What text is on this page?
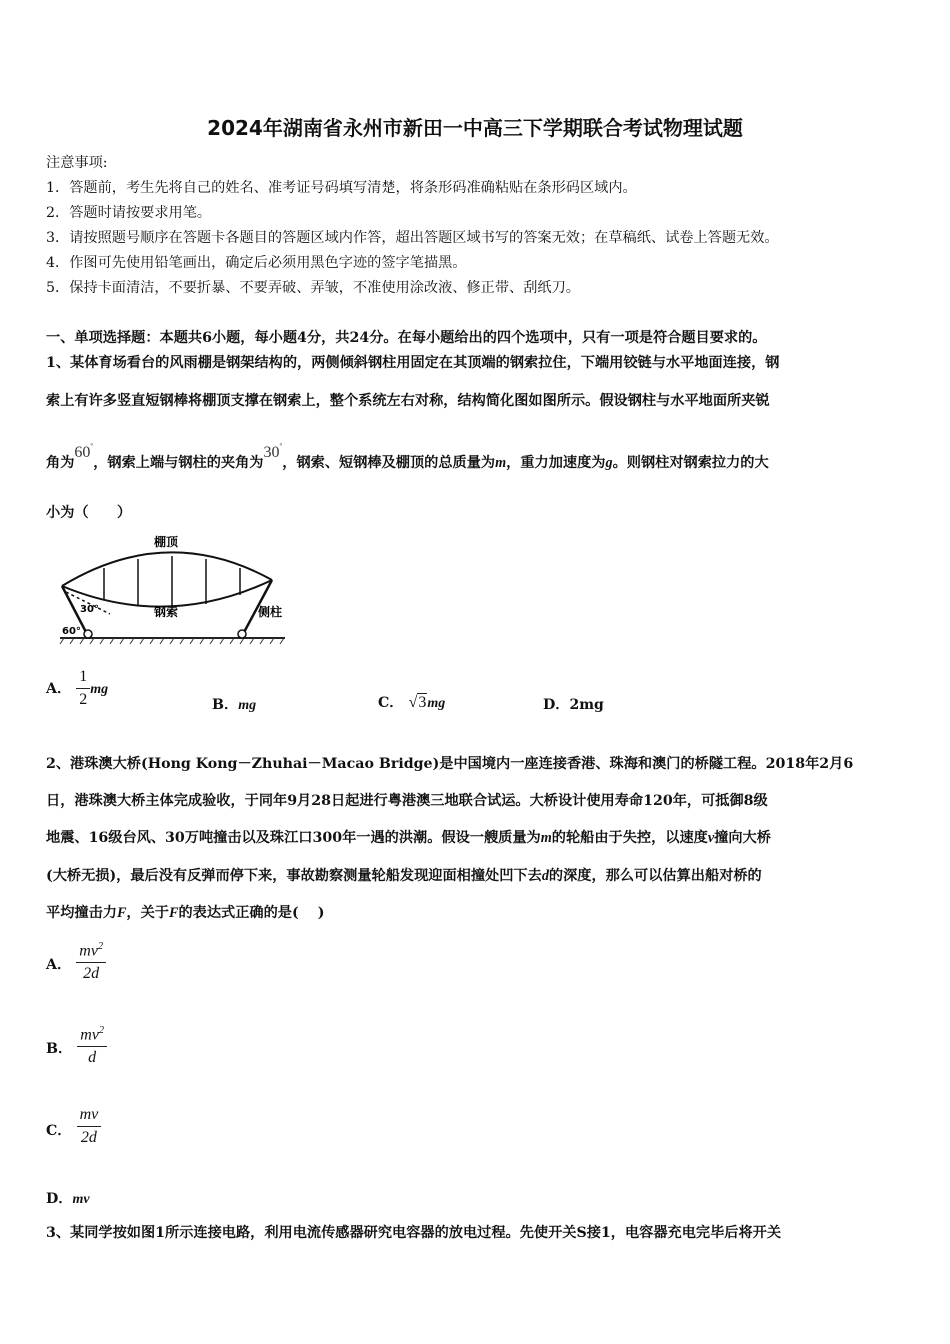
2024年湖南省永州市新田一中高三下学期联合考试物理试题
注意事项:
1．答题前，考生先将自己的姓名、准考证号码填写清楚，将条形码准确粘贴在条形码区域内。
2．答题时请按要求用笔。
3．请按照题号顺序在答题卡各题目的答题区域内作答，超出答题区域书写的答案无效；在草稿纸、试卷上答题无效。
4．作图可先使用铅笔画出，确定后必须用黑色字迹的签字笔描黑。
5．保持卡面清洁，不要折暴、不要弄破、弄皱，不准使用涂改液、修正带、刮纸刀。
一、单项选择题：本题共6小题，每小题4分，共24分。在每小题给出的四个选项中，只有一项是符合题目要求的。
1、某体育场看台的风雨棚是钢架结构的，两侧倾斜钢柱用固定在其顶端的钢索拉住，下端用铰链与水平地面连接，钢
索上有许多竖直短钢棒将棚顶支撑在钢索上，整个系统左右对称，结构简化图如图所示。假设钢柱与水平地面所夹锐
角为60°，钢索上端与钢柱的夹角为30°，钢索、短钢棒及棚顶的总质量为m，重力加速度为g。则钢柱对钢索拉力的大
小为（　　）
棚顶
钢索	侧柱
30°
60°
A． $\frac{1}{2}$ mg
B．mg	C． √3mg	D．2mg
2、港珠澳大桥(Hong Kong－Zhuhai－Macao Bridge)是中国境内一座连接香港、珠海和澳门的桥隧工程。2018年2月6
日，港珠澳大桥主体完成验收，于同年9月28日起进行粤港澳三地联合试运。大桥设计使用寿命120年，可抵御8级
地震、16级台风、30万吨撞击以及珠江口300年一遇的洪潮。假设一艘质量为m的轮船由于失控，以速度v撞向大桥
(大桥无损)，最后没有反弹而停下来，事故勘察测量轮船发现迎面相撞处凹下去d的深度，那么可以估算出船对桥的
平均撞击力F，关于F的表达式正确的是(　 )
A． $\frac{mv^2}{2d}$
B． $\frac{mv^2}{d}$
C． $\frac{mv}{2d}$
D．mv
3、某同学按如图1所示连接电路，利用电流传感器研究电容器的放电过程。先使开关S接1，电容器充电完毕后将开关
